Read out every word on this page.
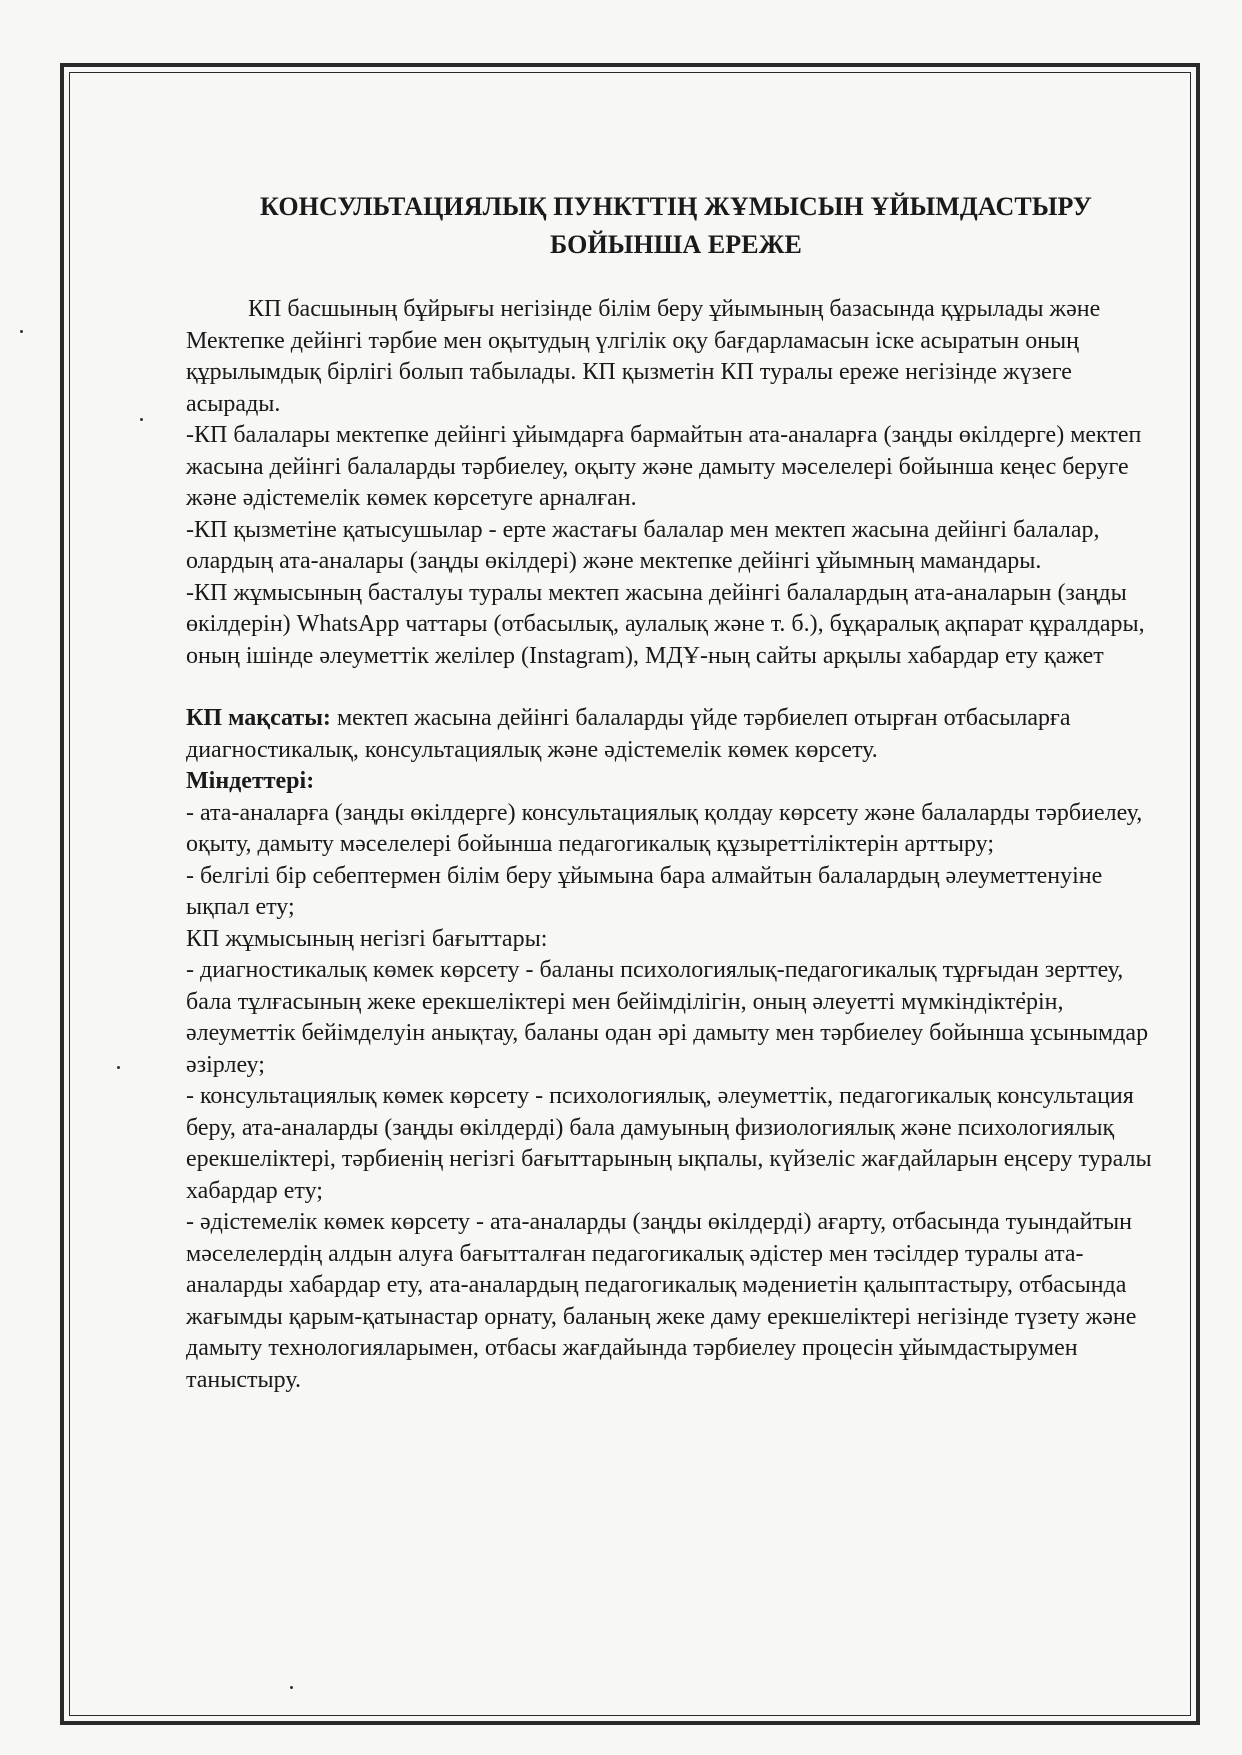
КОНСУЛЬТАЦИЯЛЫҚ ПУНКТТІҢ ЖҰМЫСЫН ҰЙЫМДАСТЫРУ
БОЙЫНША ЕРЕЖЕ

КП басшының бұйрығы негізінде білім беру ұйымының базасында құрылады және Мектепке дейінгі тәрбие мен оқытудың үлгілік оқу бағдарламасын іске асыратын оның құрылымдық бірлігі болып табылады. КП қызметін КП туралы ереже негізінде жүзеге асырады.

-КП балалары мектепке дейінгі ұйымдарға бармайтын ата-аналарға (заңды өкілдерге) мектеп жасына дейінгі балаларды тәрбиелеу, оқыту және дамыту мәселелері бойынша кеңес беруге және әдістемелік көмек көрсетуге арналған.

-КП қызметіне қатысушылар - ерте жастағы балалар мен мектеп жасына дейінгі балалар, олардың ата-аналары (заңды өкілдері) және мектепке дейінгі ұйымның мамандары.

-КП жұмысының басталуы туралы мектеп жасына дейінгі балалардың ата-аналарын (заңды өкілдерін) WhatsApp чаттары (отбасылық, аулалық және т. б.), бұқаралық ақпарат құралдары, оның ішінде әлеуметтік желілер (Instagram), МДҰ-ның сайты арқылы хабардар ету қажет

КП мақсаты: мектеп жасына дейінгі балаларды үйде тәрбиелеп отырған отбасыларға диагностикалық, консультациялық және әдістемелік көмек көрсету.

Міндеттері:

- ата-аналарға (заңды өкілдерге) консультациялық қолдау көрсету және балаларды тәрбиелеу, оқыту, дамыту мәселелері бойынша педагогикалық құзыреттіліктерін арттыру;

- белгілі бір себептермен білім беру ұйымына бара алмайтын балалардың әлеуметтенуіне ықпал ету;

КП жұмысының негізгі бағыттары:

- диагностикалық көмек көрсету - баланы психологиялық-педагогикалық тұрғыдан зерттеу, бала тұлғасының жеке ерекшеліктері мен бейімділігін, оның әлеуетті мүмкіндіктерін, әлеуметтік бейімделуін анықтау, баланы одан әрі дамыту мен тәрбиелеу бойынша ұсынымдар әзірлеу;

- консультациялық көмек көрсету - психологиялық, әлеуметтік, педагогикалық консультация беру, ата-аналарды (заңды өкілдерді) бала дамуының физиологиялық және психологиялық ерекшеліктері, тәрбиенің негізгі бағыттарының ықпалы, күйзеліс жағдайларын еңсеру туралы хабардар ету;

- әдістемелік көмек көрсету - ата-аналарды (заңды өкілдерді) ағарту, отбасында туындайтын мәселелердің алдын алуға бағытталған педагогикалық әдістер мен тәсілдер туралы ата-аналарды хабардар ету, ата-аналардың педагогикалық мәдениетін қалыптастыру, отбасында жағымды қарым-қатынастар орнату, баланың жеке даму ерекшеліктері негізінде түзету және дамыту технологияларымен, отбасы жағдайында тәрбиелеу процесін ұйымдастырумен таныстыру.
